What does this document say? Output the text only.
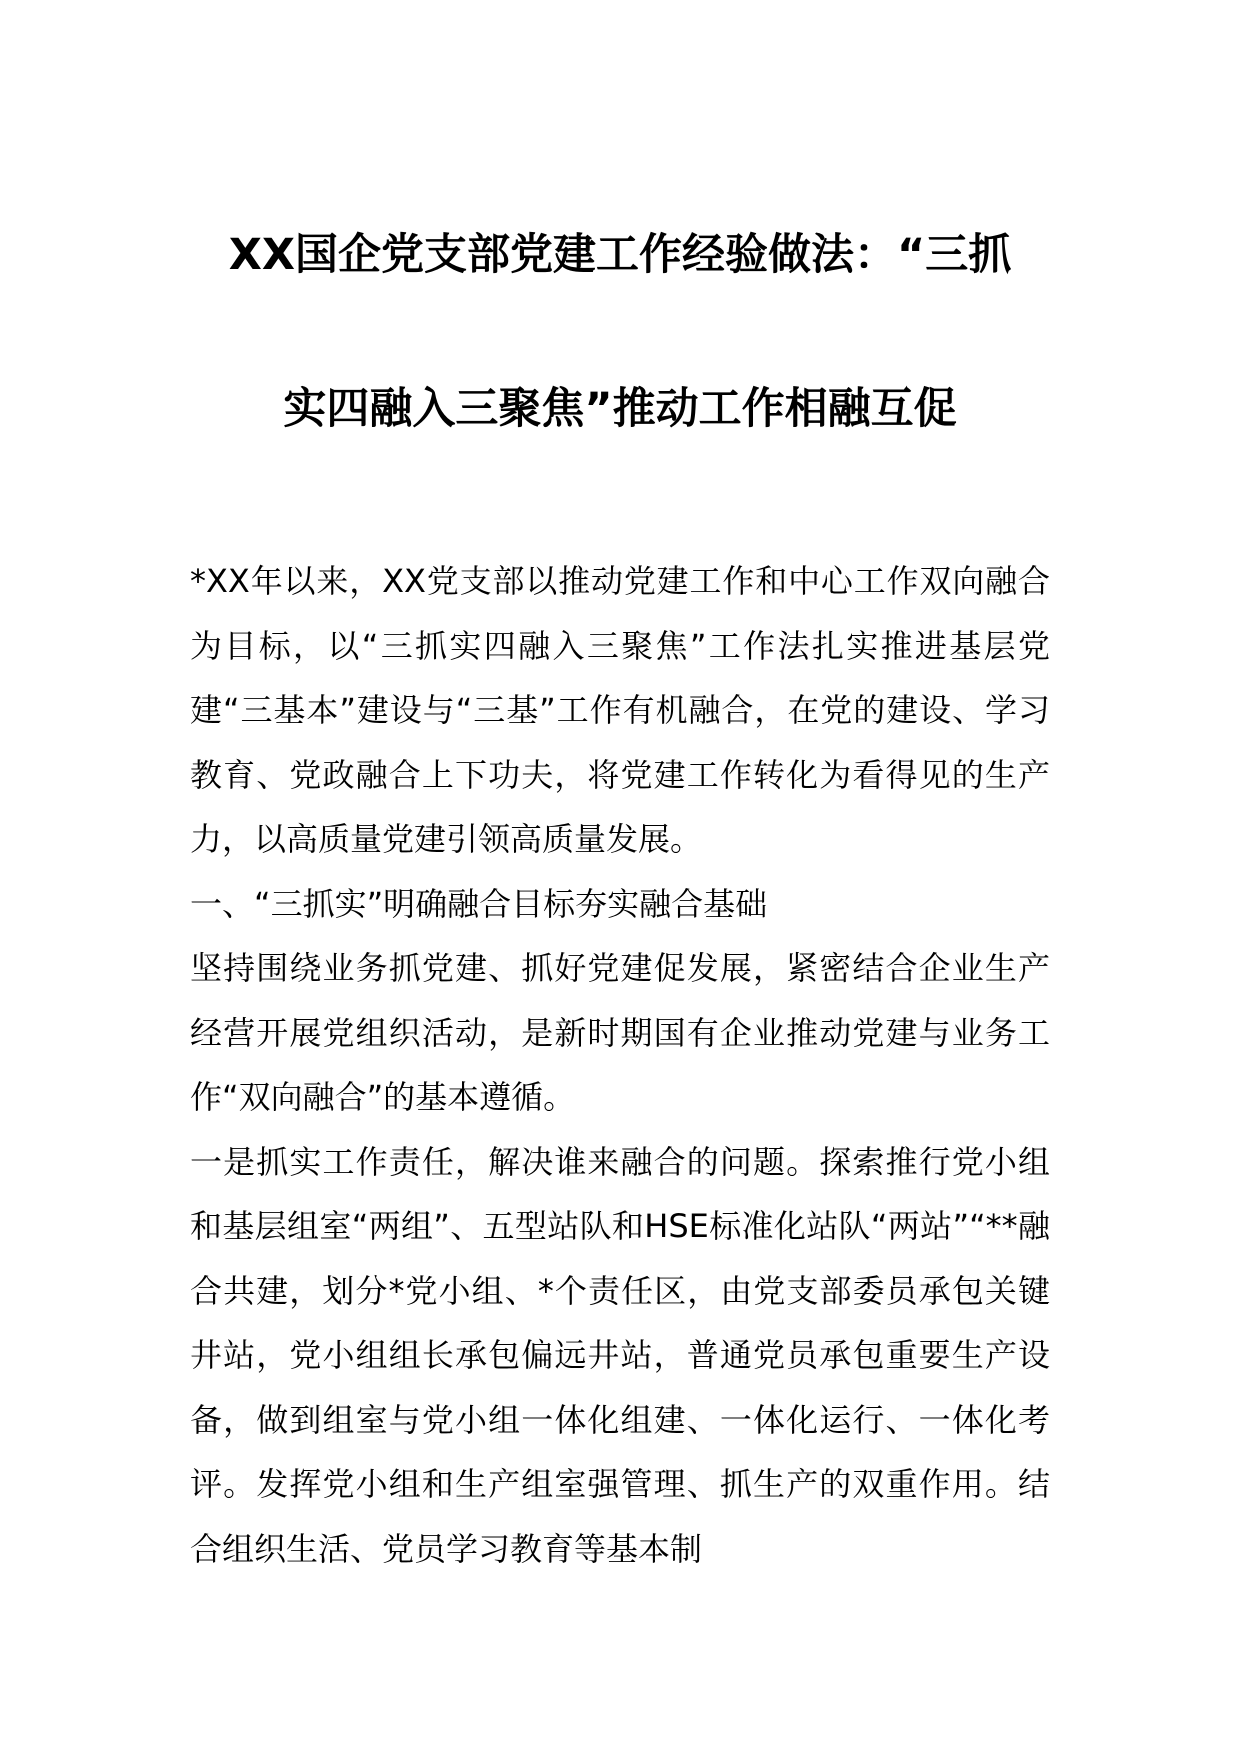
XX国企党支部党建工作经验做法：“三抓
实四融入三聚焦”推动工作相融互促

*XX年以来，XX党支部以推动党建工作和中心工作双向融合为目标，以“三抓实四融入三聚焦”工作法扎实推进基层党建“三基本”建设与“三基”工作有机融合，在党的建设、学习教育、党政融合上下功夫，将党建工作转化为看得见的生产力，以高质量党建引领高质量发展。

一、“三抓实”明确融合目标夯实融合基础

坚持围绕业务抓党建、抓好党建促发展，紧密结合企业生产经营开展党组织活动，是新时期国有企业推动党建与业务工作“双向融合”的基本遵循。

一是抓实工作责任，解决谁来融合的问题。探索推行党小组和基层组室“两组”、五型站队和HSE标准化站队“两站”“**融合共建，划分*党小组、*个责任区，由党支部委员承包关键井站，党小组组长承包偏远井站，普通党员承包重要生产设备，做到组室与党小组一体化组建、一体化运行、一体化考评。发挥党小组和生产组室强管理、抓生产的双重作用。结合组织生活、党员学习教育等基本制
